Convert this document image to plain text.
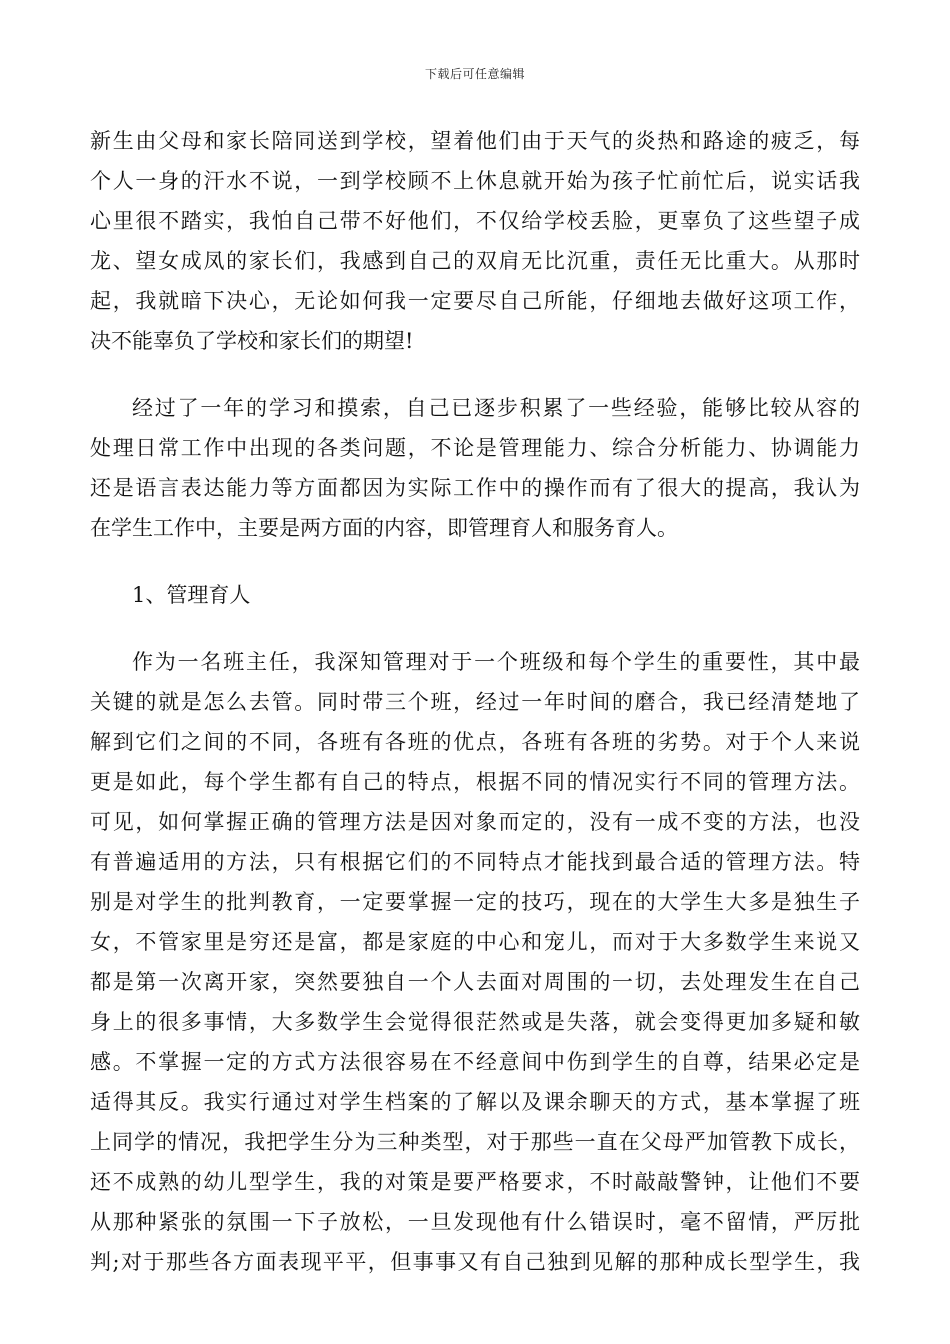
下载后可任意编辑
新生由父母和家长陪同送到学校，望着他们由于天气的炎热和路途的疲乏，每
个人一身的汗水不说，一到学校顾不上休息就开始为孩子忙前忙后，说实话我
心里很不踏实，我怕自己带不好他们，不仅给学校丢脸，更辜负了这些望子成
龙、望女成凤的家长们，我感到自己的双肩无比沉重，责任无比重大。从那时
起，我就暗下决心，无论如何我一定要尽自己所能，仔细地去做好这项工作，
决不能辜负了学校和家长们的期望!
经过了一年的学习和摸索，自己已逐步积累了一些经验，能够比较从容的
处理日常工作中出现的各类问题，不论是管理能力、综合分析能力、协调能力
还是语言表达能力等方面都因为实际工作中的操作而有了很大的提高，我认为
在学生工作中，主要是两方面的内容，即管理育人和服务育人。
1、管理育人
作为一名班主任，我深知管理对于一个班级和每个学生的重要性，其中最
关键的就是怎么去管。同时带三个班，经过一年时间的磨合，我已经清楚地了
解到它们之间的不同，各班有各班的优点，各班有各班的劣势。对于个人来说
更是如此，每个学生都有自己的特点，根据不同的情况实行不同的管理方法。
可见，如何掌握正确的管理方法是因对象而定的，没有一成不变的方法，也没
有普遍适用的方法，只有根据它们的不同特点才能找到最合适的管理方法。特
别是对学生的批判教育，一定要掌握一定的技巧，现在的大学生大多是独生子
女，不管家里是穷还是富，都是家庭的中心和宠儿，而对于大多数学生来说又
都是第一次离开家，突然要独自一个人去面对周围的一切，去处理发生在自己
身上的很多事情，大多数学生会觉得很茫然或是失落，就会变得更加多疑和敏
感。不掌握一定的方式方法很容易在不经意间中伤到学生的自尊，结果必定是
适得其反。我实行通过对学生档案的了解以及课余聊天的方式，基本掌握了班
上同学的情况，我把学生分为三种类型，对于那些一直在父母严加管教下成长，
还不成熟的幼儿型学生，我的对策是要严格要求，不时敲敲警钟，让他们不要
从那种紧张的氛围一下子放松，一旦发现他有什么错误时，毫不留情，严厉批
判;对于那些各方面表现平平，但事事又有自己独到见解的那种成长型学生，我
